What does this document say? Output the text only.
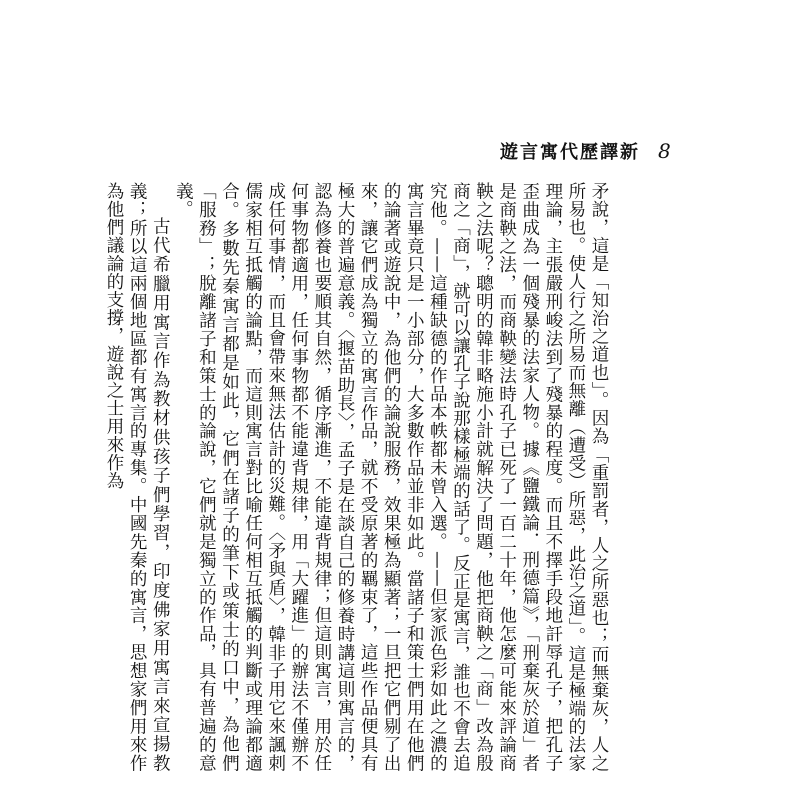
遊言寓代歷譯新 8

矛說，這是「知治之道也」。因為「重罰者，人之所惡也；而無棄灰，人之所易也。使人行之所易而無離（遭受）所惡，此治之道」。這是極端的法家理論，主張嚴刑峻法到了殘暴的程度。而且不擇手段地訐辱孔子，把孔子歪曲成為一個殘暴的法家人物。據《鹽鐵論．刑德篇》，「刑棄灰於道」者是商鞅之法，而商鞅變法時孔子已死了一百二十年，他怎麼可能來評論商鞅之法呢？聰明的韓非略施小計就解決了問題，他把商鞅之「商」改為殷商之「商」，就可以讓孔子說那樣極端的話了。反正是寓言，誰也不會去追究他。——這種缺德的作品本帙都未曾入選。——但家派色彩如此之濃的寓言畢竟只是一小部分，大多數作品並非如此。當諸子和策士們用在他們的論著或遊說中，為他們的論說服務，效果極為顯著；一旦把它們剔了出來，讓它們成為獨立的寓言作品，就不受原著的羈束了，這些作品便具有極大的普遍意義。〈揠苗助長〉，孟子是在談自己的修養時講這則寓言的，認為修養也要順其自然，循序漸進，不能違背規律；但這則寓言，用於任何事物都適用，任何事物都不能違背規律，用「大躍進」的辦法不僅辦不成任何事情，而且會帶來無法估計的災難。〈矛與盾〉，韓非子用它來諷刺儒家相互抵觸的論點，而這則寓言對比喻任何相互抵觸的判斷或理論都適合。多數先秦寓言都是如此，它們在諸子的筆下或策士的口中，為他們「服務」；脫離諸子和策士的論說，它們就是獨立的作品，具有普遍的意義。

古代希臘用寓言作為教材供孩子們學習，印度佛家用寓言來宣揚教義；所以這兩個地區都有寓言的專集。中國先秦的寓言，思想家們用來作為他們議論的支撐，遊說之士用來作為
